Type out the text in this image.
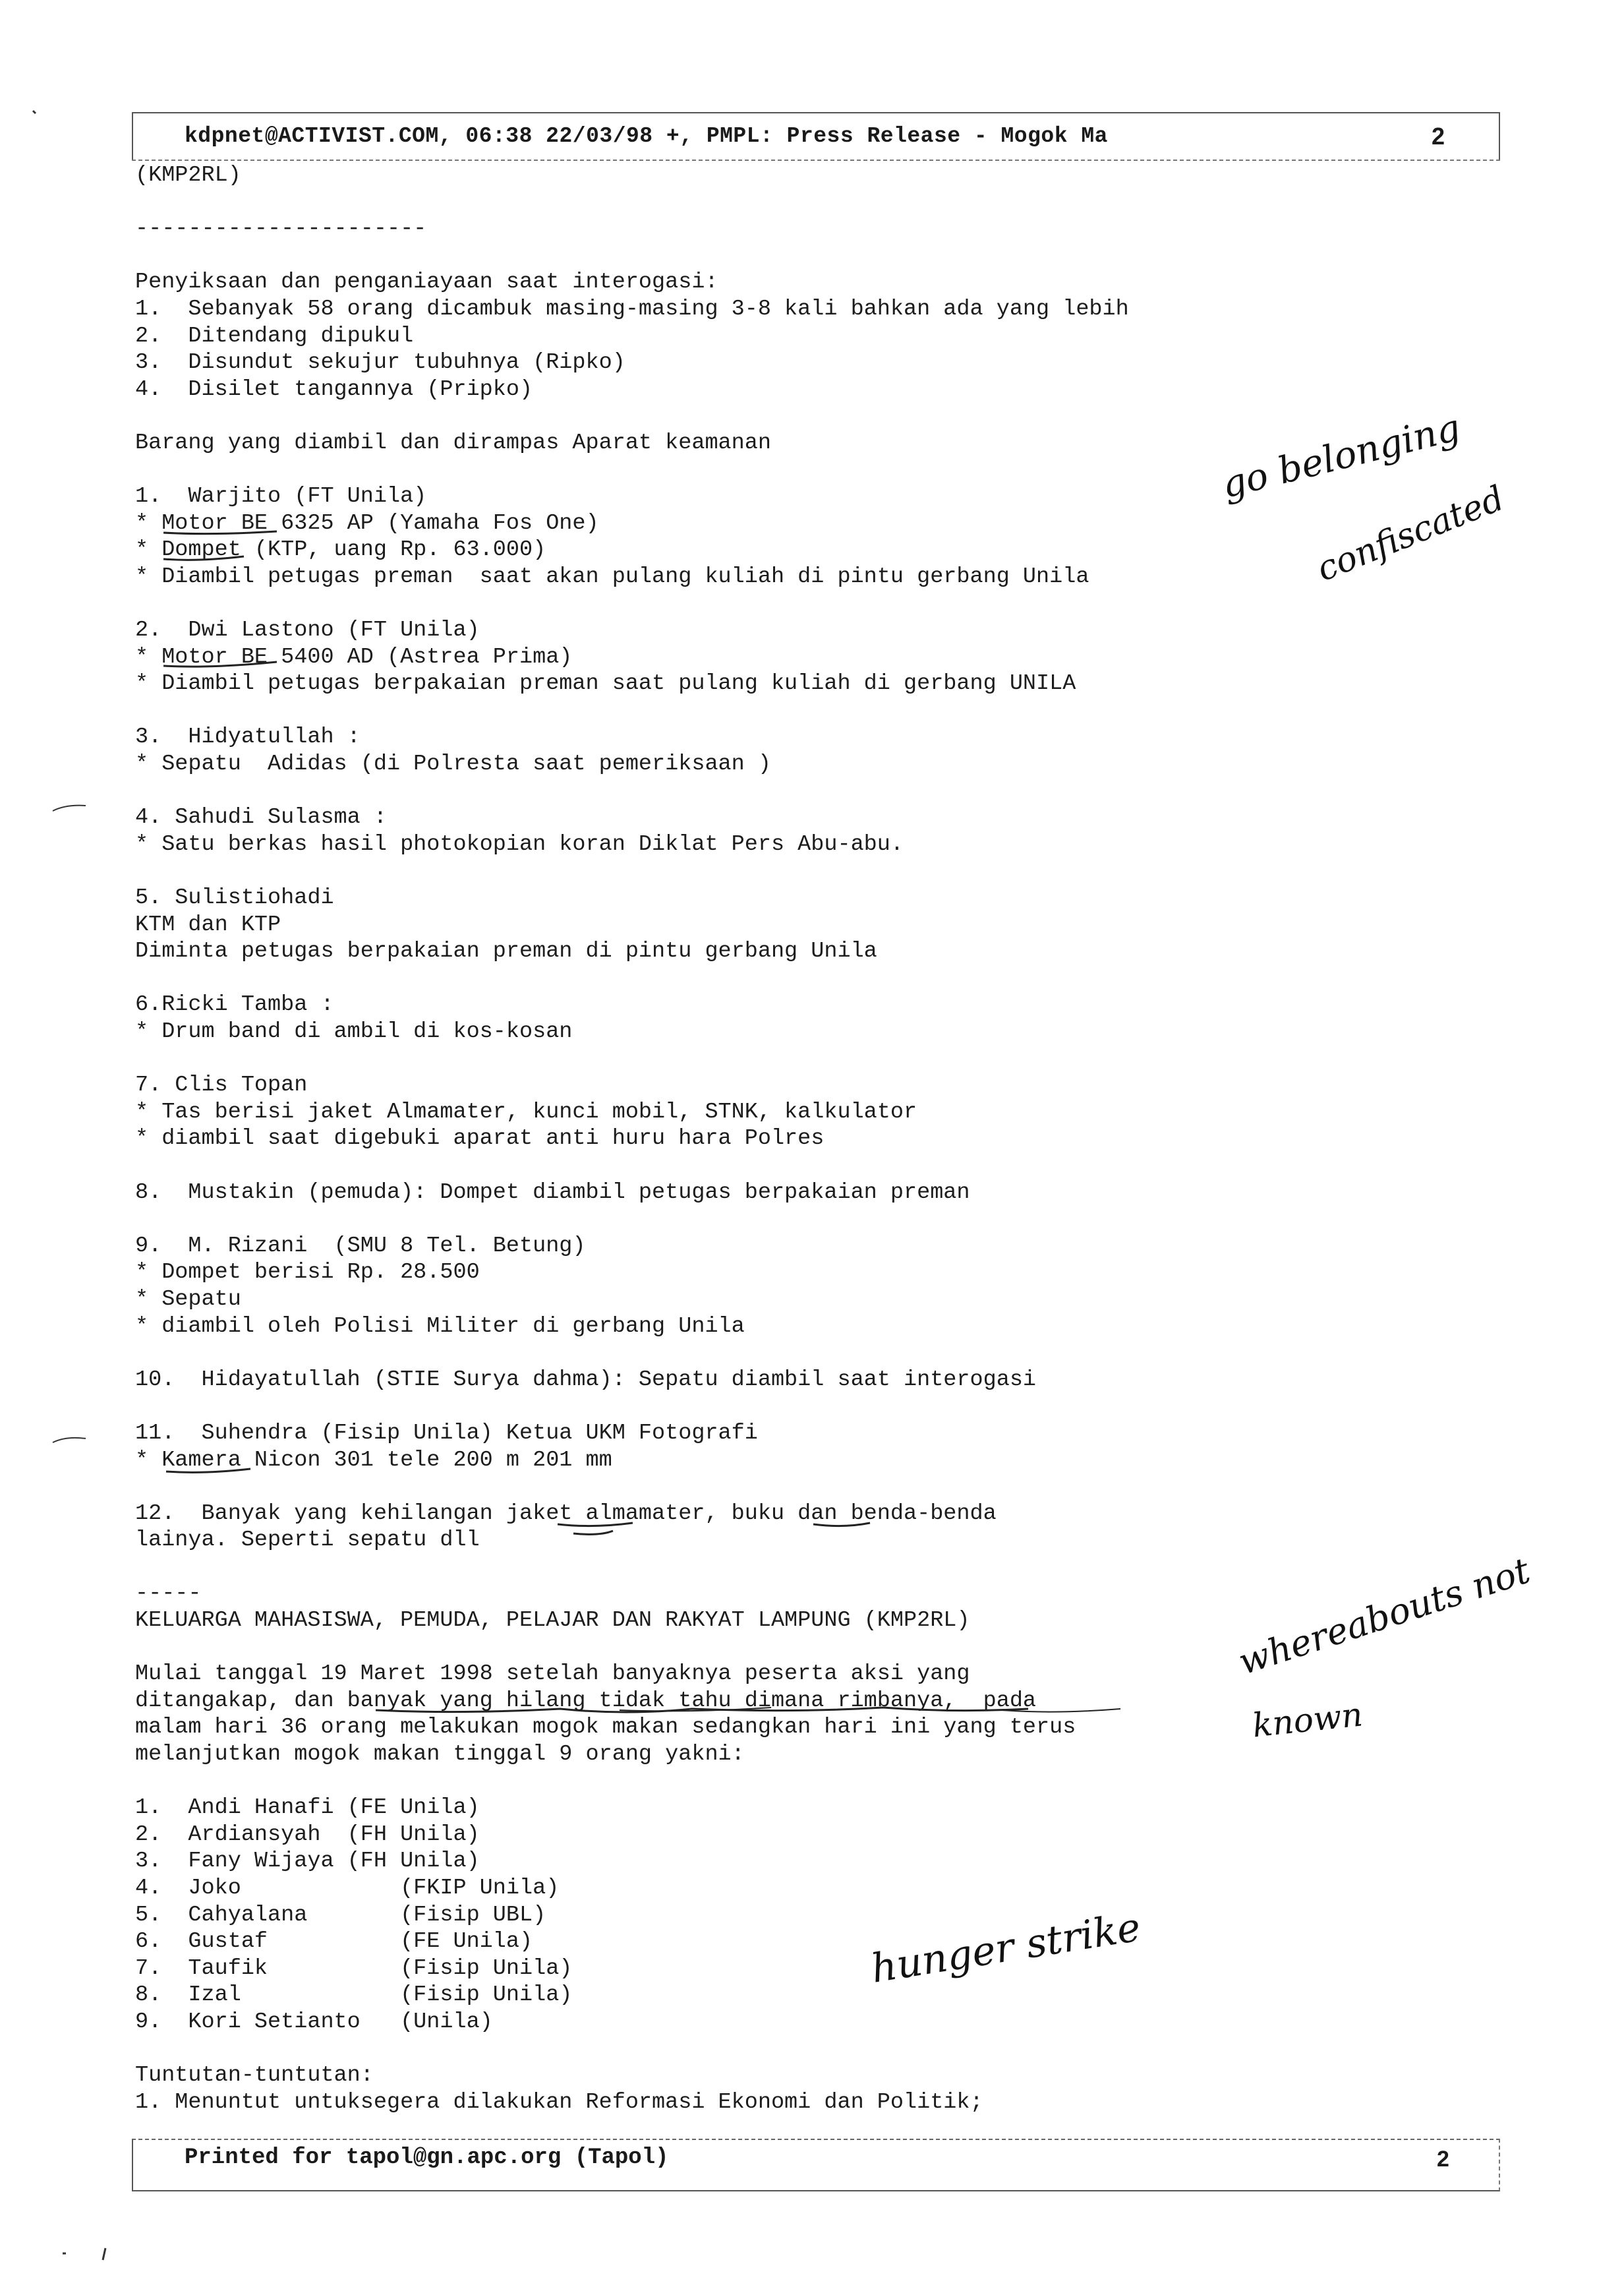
kdpnet@ACTIVIST.COM, 06:38 22/03/98 +, PMPL: Press Release - Mogok Ma	2
(KMP2RL)
----------------------
Penyiksaan dan penganiayaan saat interogasi:
1.  Sebanyak 58 orang dicambuk masing-masing 3-8 kali bahkan ada yang lebih
2.  Ditendang dipukul
3.  Disundut sekujur tubuhnya (Ripko)
4.  Disilet tangannya (Pripko)
Barang yang diambil dan dirampas Aparat keamanan
1.  Warjito (FT Unila)
* Motor BE 6325 AP (Yamaha Fos One)
* Dompet (KTP, uang Rp. 63.000)
* Diambil petugas preman  saat akan pulang kuliah di pintu gerbang Unila
2.  Dwi Lastono (FT Unila)
* Motor BE 5400 AD (Astrea Prima)
* Diambil petugas berpakaian preman saat pulang kuliah di gerbang UNILA
3.  Hidyatullah :
* Sepatu  Adidas (di Polresta saat pemeriksaan )
4. Sahudi Sulasma :
* Satu berkas hasil photokopian koran Diklat Pers Abu-abu.
5. Sulistiohadi
KTM dan KTP
Diminta petugas berpakaian preman di pintu gerbang Unila
6.Ricki Tamba :
* Drum band di ambil di kos-kosan
7. Clis Topan
* Tas berisi jaket Almamater, kunci mobil, STNK, kalkulator
* diambil saat digebuki aparat anti huru hara Polres
8.  Mustakin (pemuda): Dompet diambil petugas berpakaian preman
9.  M. Rizani  (SMU 8 Tel. Betung)
* Dompet berisi Rp. 28.500
* Sepatu
* diambil oleh Polisi Militer di gerbang Unila
10.  Hidayatullah (STIE Surya dahma): Sepatu diambil saat interogasi
11.  Suhendra (Fisip Unila) Ketua UKM Fotografi
* Kamera Nicon 301 tele 200 m 201 mm
12.  Banyak yang kehilangan jaket almamater, buku dan benda-benda
lainya. Seperti sepatu dll
-----
KELUARGA MAHASISWA, PEMUDA, PELAJAR DAN RAKYAT LAMPUNG (KMP2RL)
Mulai tanggal 19 Maret 1998 setelah banyaknya peserta aksi yang
ditangakap, dan banyak yang hilang tidak tahu dimana rimbanya,  pada
malam hari 36 orang melakukan mogok makan sedangkan hari ini yang terus
melanjutkan mogok makan tinggal 9 orang yakni:
1.  Andi Hanafi (FE Unila)
2.  Ardiansyah  (FH Unila)
3.  Fany Wijaya (FH Unila)
4.  Joko            (FKIP Unila)
5.  Cahyalana       (Fisip UBL)
6.  Gustaf          (FE Unila)
7.  Taufik          (Fisip Unila)
8.  Izal            (Fisip Unila)
9.  Kori Setianto   (Unila)
Tuntutan-tuntutan:
1. Menuntut untuksegera dilakukan Reformasi Ekonomi dan Politik;
go belonging
confiscated
whereabouts not
known
hunger strike
Printed for tapol@gn.apc.org (Tapol)	2
